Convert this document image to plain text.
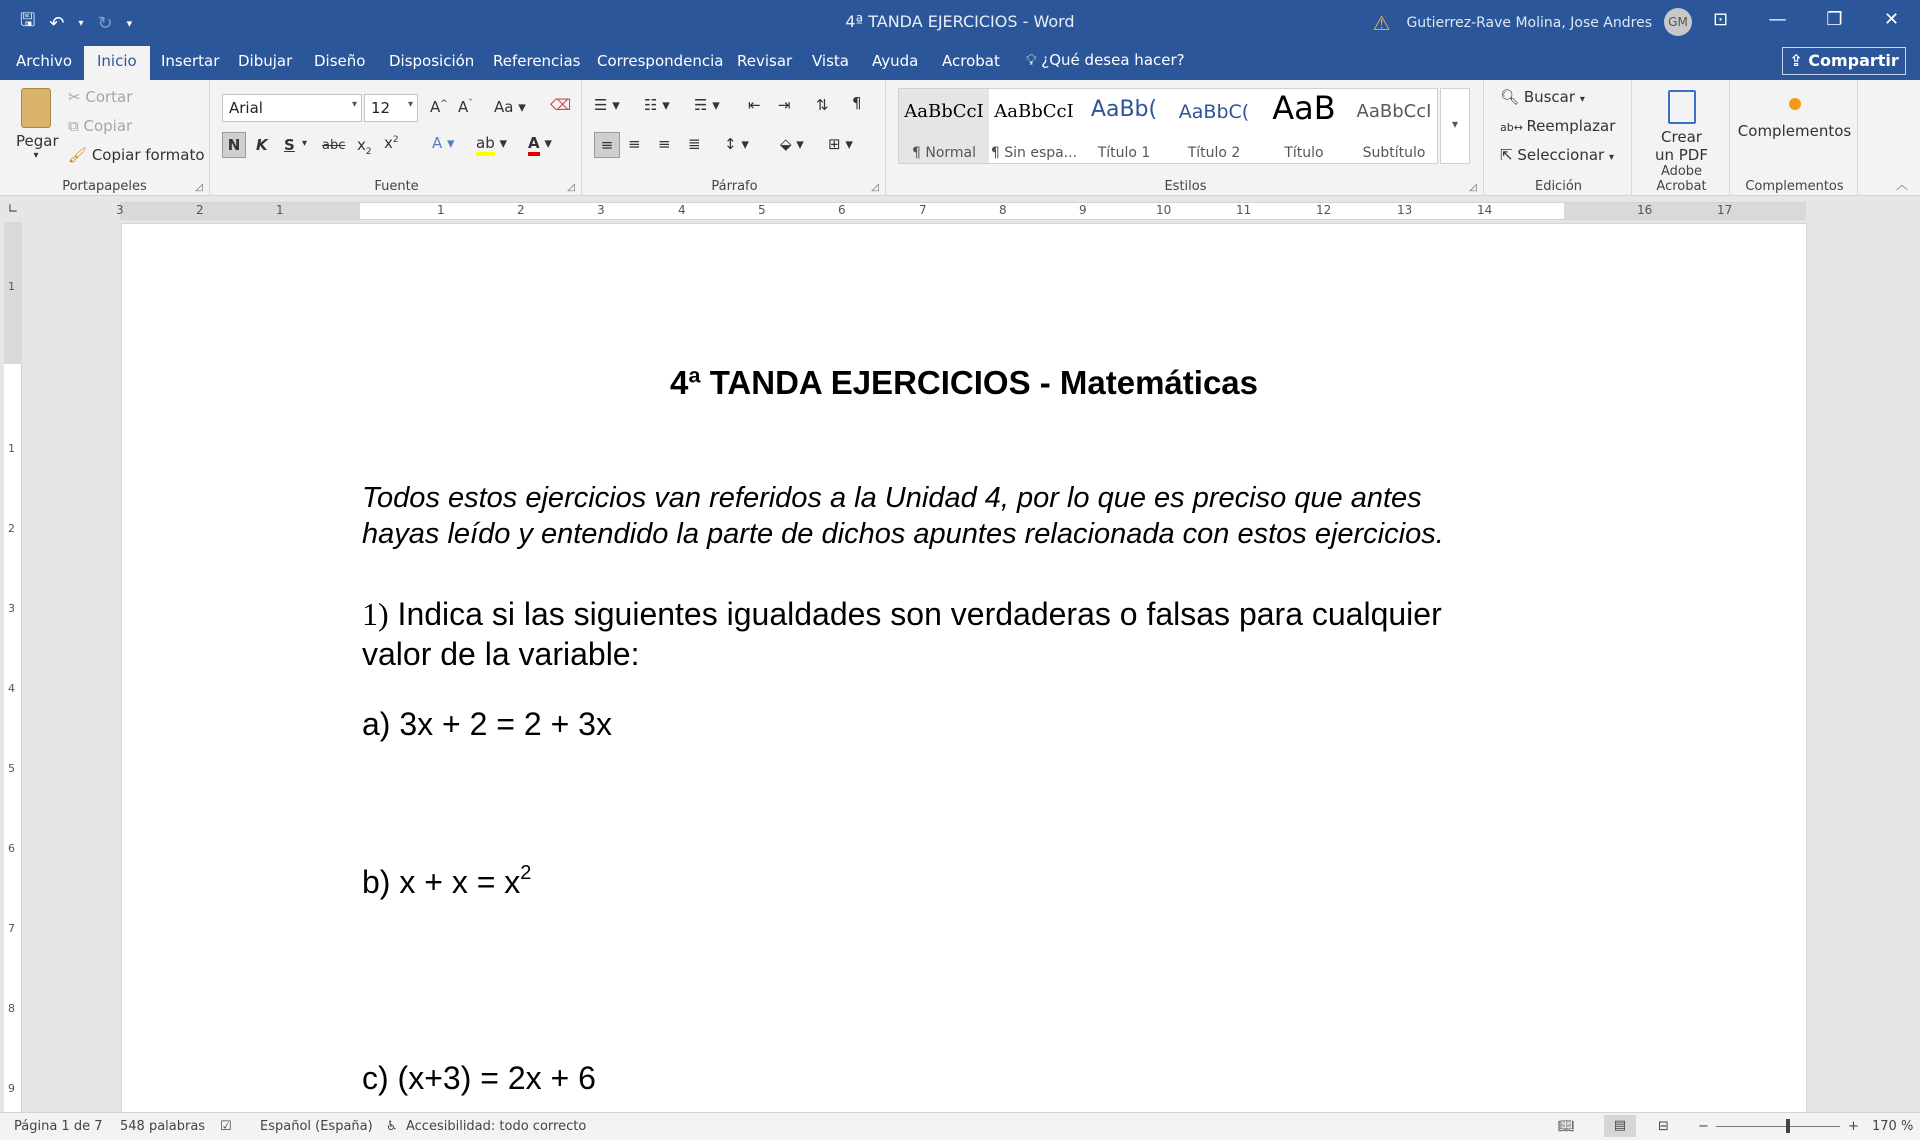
🖫 ↶ ▾ ↻ ▾	4ª TANDA EJERCICIOS - Word	⚠ Gutierrez-Rave Molina, Jose Andres	GM	⊡	—	❐	✕
Archivo	Inicio	Insertar Dibujar Diseño Disposición Referencias Correspondencia Revisar Vista Ayuda Acrobat 💡︎ ¿Qué desea hacer?	⇪ Compartir
Pegar
▾
✂ Cortar
⧉ Copiar
🖌︎ Copiar formato
Portapapeles	◿
Arial	▾ 12 ▾ A^ $A^ˇ$ Aa ▾ ⌫
N	K S ▾ abc $x_2$ $x^2$ A ▾ ab ▾ A ▾
Fuente	◿
☰ ▾ ☷ ▾ ☴ ▾ ⇤ ⇥ ⇅ ¶
≡ ≡ ≡ ≣ ↕ ▾ ⬙ ▾ ⊞ ▾
Párrafo	◿	Estilos	◿
AaBbCcI
¶ Normal
AaBbCcI
¶ Sin espa...
AaBb(
Título 1
AaBbC(
Título 2
AaB
Título
AaBbCcI
Subtítulo
▾
🔍︎ Buscar ▾
ab↔ Reemplazar
⇱ Seleccionar ▾
Edición
Crear
un PDF
Adobe Acrobat
Complementos
Complementos	︿
∟	3	2	1	1	2	3	4	5	6	7	8	9	10	11	12	13	14	16	17
1
1
2
3
4
5
6
7
8
9
4ª TANDA EJERCICIOS - Matemáticas
Todos estos ejercicios van referidos a la Unidad 4, por lo que es preciso que antes
hayas leído y entendido la parte de dichos apuntes relacionada con estos ejercicios.
1) Indica si las siguientes igualdades son verdaderas o falsas para cualquier
valor de la variable:
a) 3x + 2 = 2 + 3x
b) $x + x = x^2$
c) (x+3) = 2x + 6
Página 1 de 7 548 palabras ☑ Español (España) ♿︎ Accesibilidad: todo correcto	📖︎	▤	⊟ −	+ 170 %
